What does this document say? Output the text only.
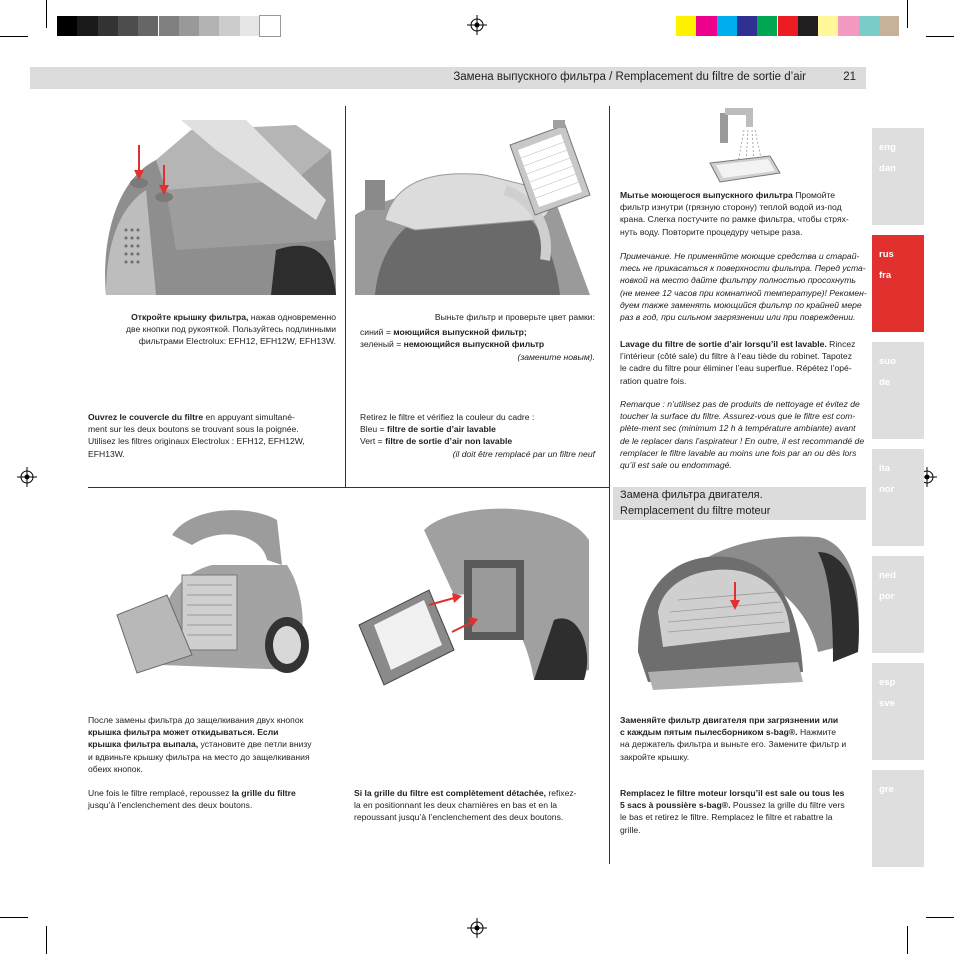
Замена выпускного фильтра / Remplacement du filtre de sortie d’air	21
eng
dan
rus
fra
suo
de
ita
nor
ned
por
esp
sve
gre
Откройте крышку фильтра, нажав одновременно
две кнопки под рукояткой. Пользуйтесь подлинными
фильтрами Electrolux: EFH12, EFH12W, EFH13W.
Ouvrez le couvercle du filtre en appuyant simultané-
ment sur les deux boutons se trouvant sous la poignée.
Utilisez les filtres originaux Electrolux : EFH12, EFH12W,
EFH13W.
Выньте фильтр и проверьте цвет рамки:
синий = моющийся выпускной фильтр;
зеленый = немоющийся выпускной фильтр
(замените новым).
Retirez le filtre et vérifiez la couleur du cadre :
Bleu = filtre de sortie d’air lavable
Vert = filtre de sortie d’air non lavable
(il doit être remplacé par un filtre neuf
Мытье моющегося выпускного фильтра Промойте
фильтр изнутри (грязную сторону) теплой водой из-под
крана. Слегка постучите по рамке фильтра, чтобы стрях-
нуть воду. Повторите процедуру четыре раза.
Примечание. Не применяйте моющие средства и старай-
тесь не прикасаться к поверхности фильтра. Перед уста-
новкой на место дайте фильтру полностью просохнуть
(не менее 12 часов при комнатной температуре)! Рекомен-
дуем также заменять моющийся фильтр по крайней мере
раз в год, при сильном загрязнении или при повреждении.
Lavage du filtre de sortie d’air lorsqu’il est lavable. Rincez
l’intérieur (côté sale) du filtre à l’eau tiède du robinet. Tapotez
le cadre du filtre pour éliminer l’eau superflue. Répétez l’opé-
ration quatre fois.
Remarque : n’utilisez pas de produits de nettoyage et évitez de
toucher la surface du filtre. Assurez-vous que le filtre est com-
plète-ment sec (minimum 12 h à température ambiante) avant
de le replacer dans l’aspirateur ! En outre, il est recommandé de
remplacer le filtre lavable au moins une fois par an ou dès lors
qu’il est sale ou endommagé.
Замена фильтра двигателя.
Remplacement du filtre moteur
После замены фильтра до защелкивания двух кнопок
крышка фильтра может откидываться. Если
крышка фильтра выпала, установите две петли внизу
и вдвиньте крышку фильтра на место до защелкивания
обеих кнопок.
Une fois le filtre remplacé, repoussez la grille du filtre
jusqu’à l’enclenchement des deux boutons.
Si la grille du filtre est complètement détachée, refixez-
la en positionnant les deux charnières en bas et en la
repoussant jusqu’à l’enclenchement des deux boutons.
Заменяйте фильтр двигателя при загрязнении или
с каждым пятым пылесборником s-bag®. Нажмите
на держатель фильтра и выньте его. Замените фильтр и
закройте крышку.
Remplacez le filtre moteur lorsqu’il est sale ou tous les
5 sacs à poussière s-bag®. Poussez la grille du filtre vers
le bas et retirez le filtre. Remplacez le filtre et rabattre la
grille.
